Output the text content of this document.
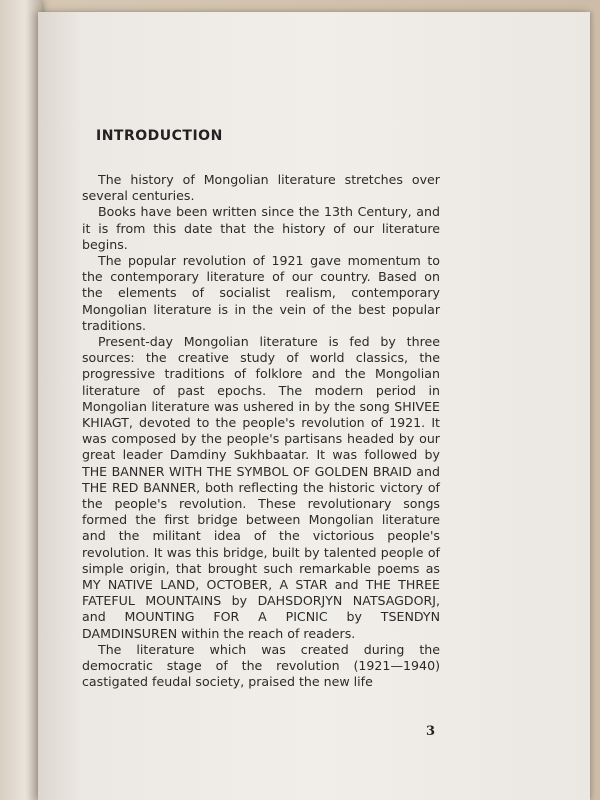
INTRODUCTION

The history of Mongolian literature stretches over several centuries.

Books have been written since the 13th Century, and it is from this date that the history of our literature begins.

The popular revolution of 1921 gave momentum to the contemporary literature of our country. Based on the elements of socialist realism, contemporary Mongolian literature is in the vein of the best popular traditions.

Present-day Mongolian literature is fed by three sources: the creative study of world classics, the progressive traditions of folklore and the Mongolian literature of past epochs. The modern period in Mongolian literature was ushered in by the song SHIVEE KHIAGT, devoted to the people's revolution of 1921. It was composed by the people's partisans headed by our great leader Damdiny Sukhbaatar. It was followed by THE BANNER WITH THE SYMBOL OF GOLDEN BRAID and THE RED BANNER, both reflecting the historic victory of the people's revolution. These revolutionary songs formed the first bridge between Mongolian literature and the militant idea of the victorious people's revolution. It was this bridge, built by talented people of simple origin, that brought such remarkable poems as MY NATIVE LAND, OCTOBER, A STAR and THE THREE FATEFUL MOUNTAINS by DAHSDORJYN NATSAGDORJ, and MOUNTING FOR A PICNIC by TSENDYN DAMDINSUREN within the reach of readers.

The literature which was created during the democratic stage of the revolution (1921—1940) castigated feudal society, praised the new life

3
